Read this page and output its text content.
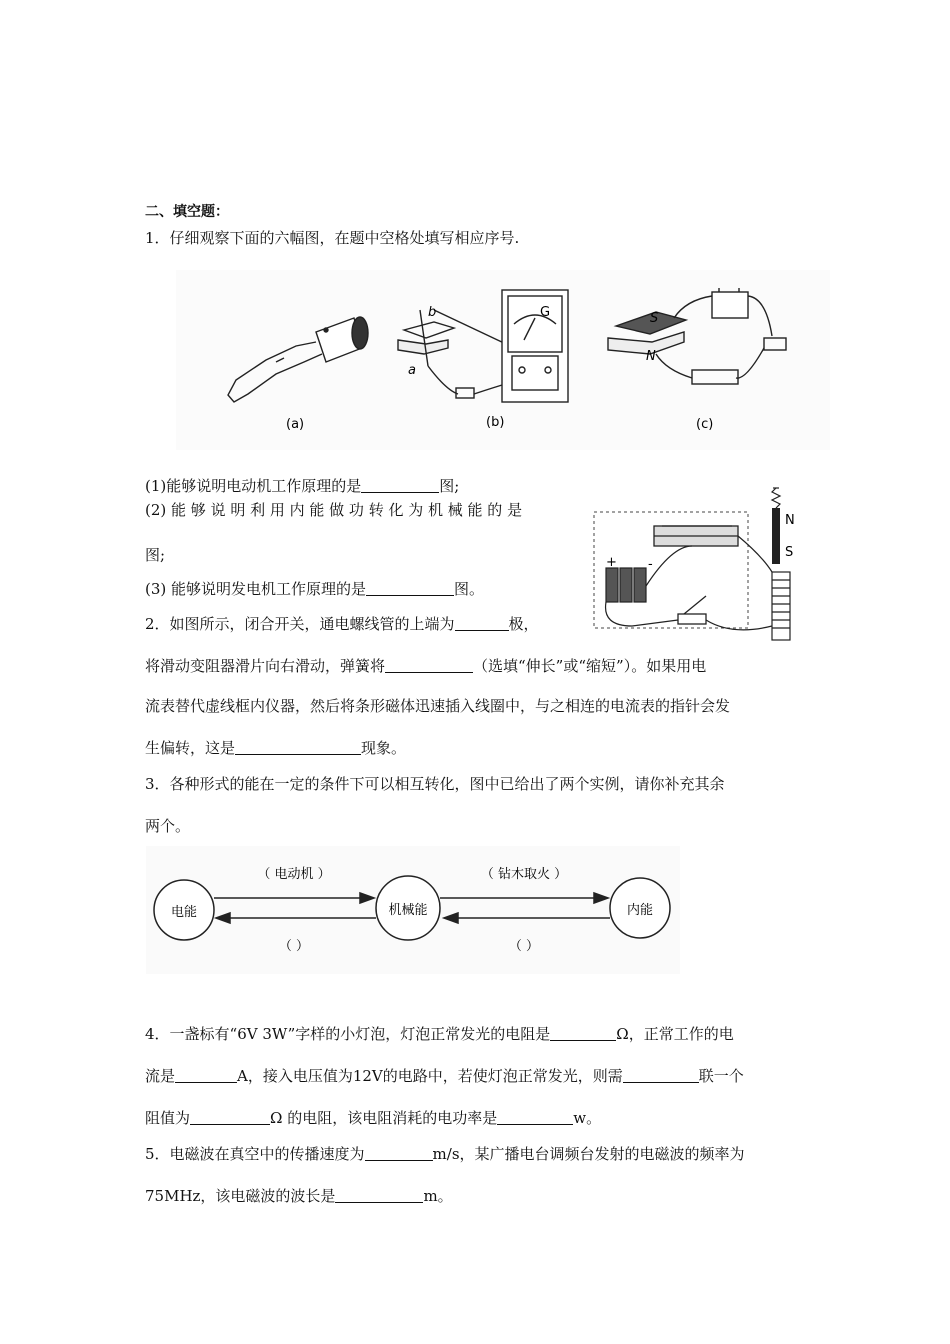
二、填空题：
1．仔细观察下面的六幅图，在题中空格处填写相应序号.
b
a
G	S
N
(a)	(b)	(c)
(1)能够说明电动机工作原理的是	图;
(2) 能 够 说 明 利 用 内 能 做 功 转 化 为 机 械 能 的 是
图;
(3) 能够说明发电机工作原理的是	图。
+ -
N
S
2．如图所示，闭合开关，通电螺线管的上端为	极，
将滑动变阻器滑片向右滑动，弹簧将	（选填“伸长”或“缩短”）。如果用电
流表替代虚线框内仪器，然后将条形磁体迅速插入线圈中，与之相连的电流表的指针会发
生偏转，这是	现象。
3．各种形式的能在一定的条件下可以相互转化，图中已给出了两个实例，请你补充其余
两个。
电能	机械能	内能
（ 电动机 ）	（ 钻木取火 ）
（ ）	（ ）
4．一盏标有“6V 3W”字样的小灯泡，灯泡正常发光的电阻是	Ω，正常工作的电
流是	A，接入电压值为12V的电路中，若使灯泡正常发光，则需	联一个
阻值为	Ω 的电阻，该电阻消耗的电功率是	w。
5．电磁波在真空中的传播速度为	m/s，某广播电台调频台发射的电磁波的频率为
75MHz，该电磁波的波长是	m。
